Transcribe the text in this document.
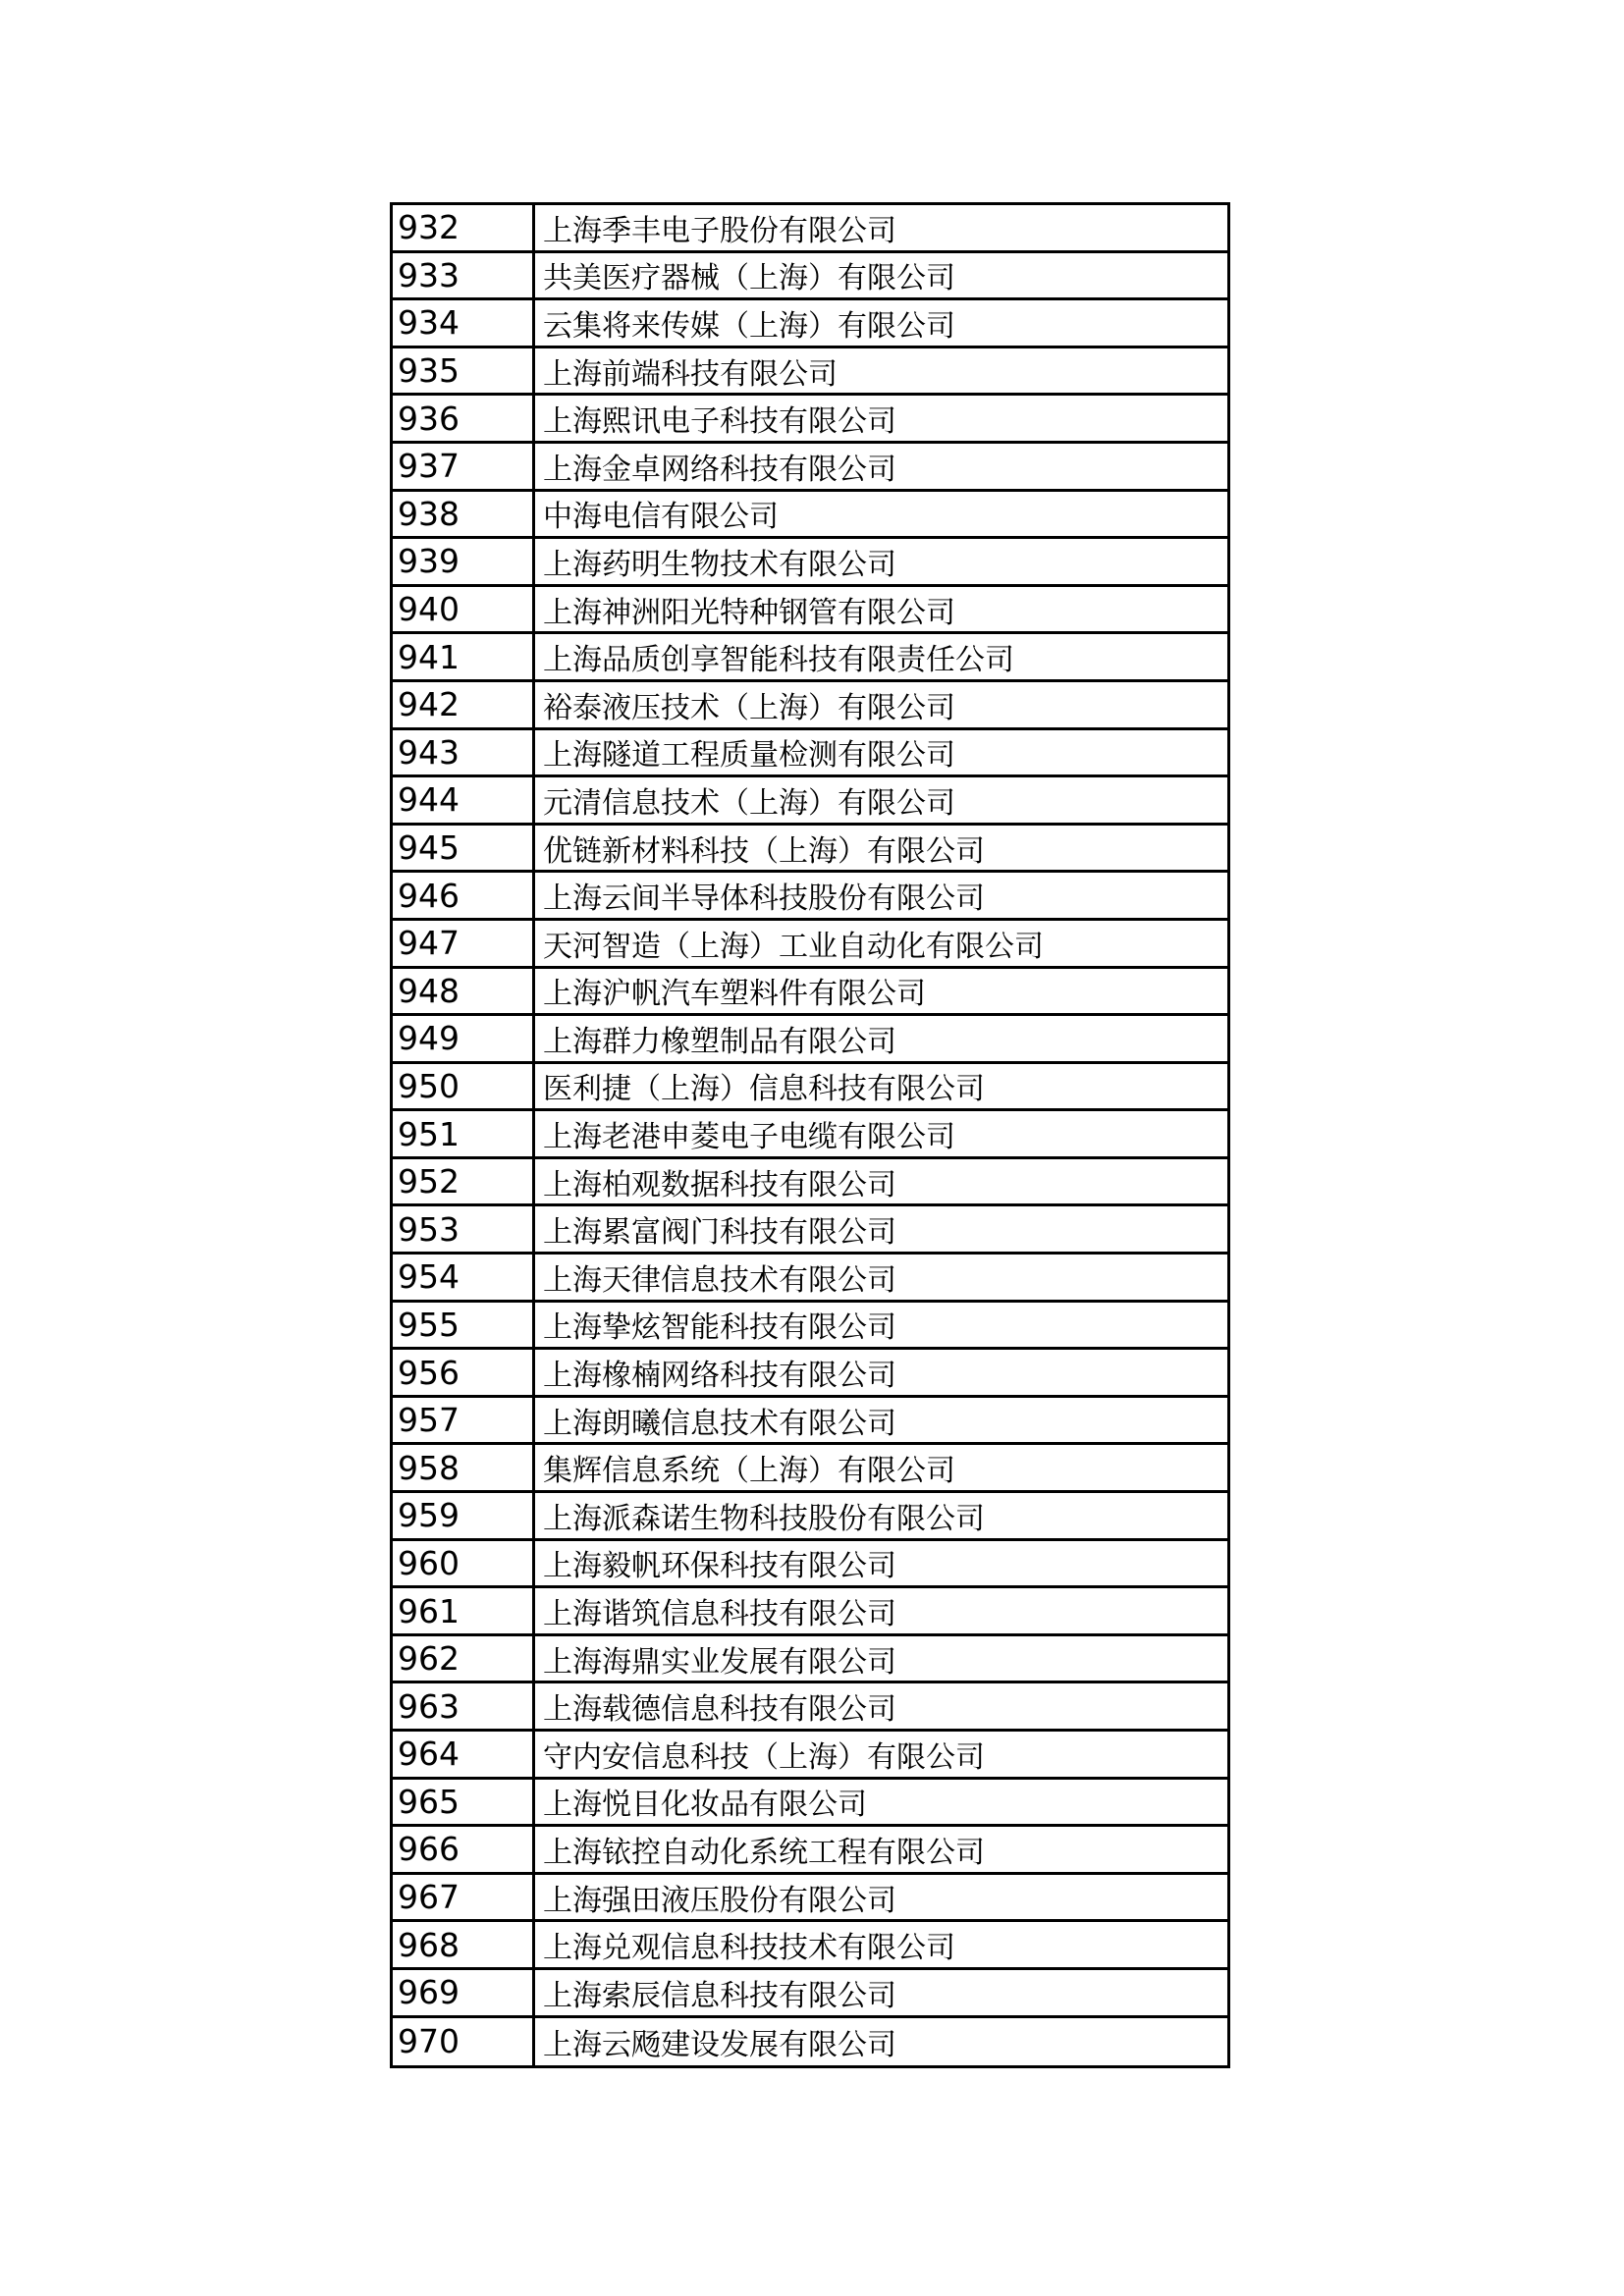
932	上海季丰电子股份有限公司
933	共美医疗器械（上海）有限公司
934	云集将来传媒（上海）有限公司
935	上海前端科技有限公司
936	上海熙讯电子科技有限公司
937	上海金卓网络科技有限公司
938	中海电信有限公司
939	上海药明生物技术有限公司
940	上海神洲阳光特种钢管有限公司
941	上海品质创享智能科技有限责任公司
942	裕泰液压技术（上海）有限公司
943	上海隧道工程质量检测有限公司
944	元清信息技术（上海）有限公司
945	优链新材料科技（上海）有限公司
946	上海云间半导体科技股份有限公司
947	天河智造（上海）工业自动化有限公司
948	上海沪帆汽车塑料件有限公司
949	上海群力橡塑制品有限公司
950	医利捷（上海）信息科技有限公司
951	上海老港申菱电子电缆有限公司
952	上海柏观数据科技有限公司
953	上海累富阀门科技有限公司
954	上海天律信息技术有限公司
955	上海挚炫智能科技有限公司
956	上海橡楠网络科技有限公司
957	上海朗曦信息技术有限公司
958	集辉信息系统（上海）有限公司
959	上海派森诺生物科技股份有限公司
960	上海毅帆环保科技有限公司
961	上海谐筑信息科技有限公司
962	上海海鼎实业发展有限公司
963	上海载德信息科技有限公司
964	守内安信息科技（上海）有限公司
965	上海悦目化妆品有限公司
966	上海铱控自动化系统工程有限公司
967	上海强田液压股份有限公司
968	上海兑观信息科技技术有限公司
969	上海索辰信息科技有限公司
970	上海云飏建设发展有限公司
